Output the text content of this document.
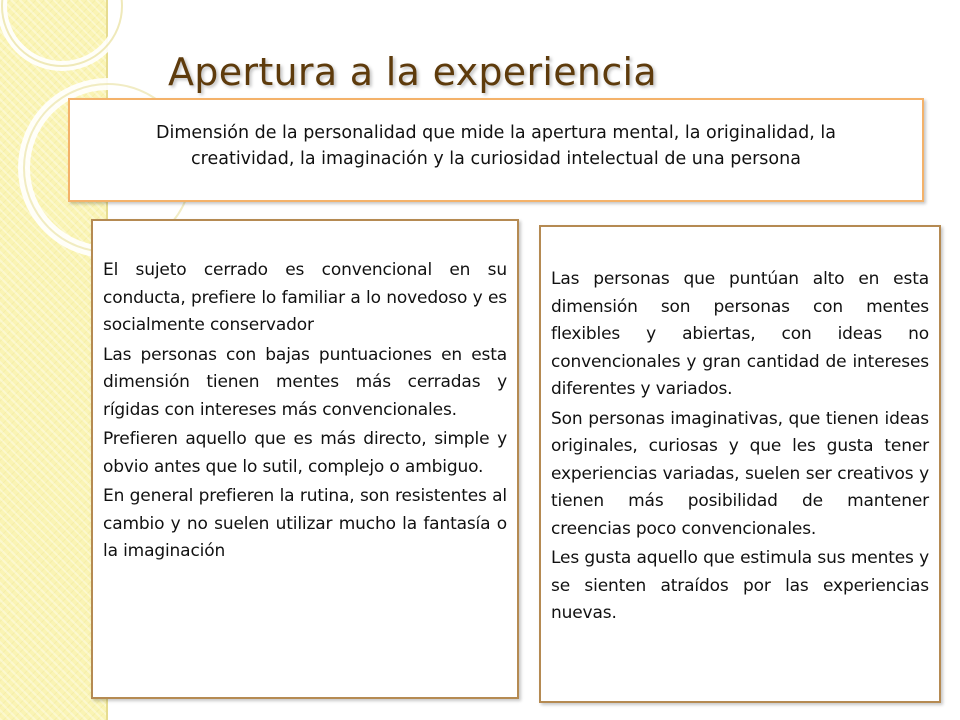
Apertura a la experiencia
Dimensión de la personalidad que mide la apertura mental, la originalidad, la creatividad, la imaginación y la curiosidad intelectual de una persona

El sujeto cerrado es convencional en su conducta, prefiere lo familiar a lo novedoso y es socialmente conservador

Las personas con bajas puntuaciones en esta dimensión tienen mentes más cerradas y rígidas con intereses más convencionales.

Prefieren aquello que es más directo, simple y obvio antes que lo sutil, complejo o ambiguo.

En general prefieren la rutina, son resistentes al cambio y no suelen utilizar mucho la fantasía o la imaginación

Las personas que puntúan alto en esta dimensión son personas con mentes flexibles y abiertas, con ideas no convencionales y gran cantidad de intereses diferentes y variados.

Son personas imaginativas, que tienen ideas originales, curiosas y que les gusta tener experiencias variadas, suelen ser creativos y tienen más posibilidad de mantener creencias poco convencionales.

Les gusta aquello que estimula sus mentes y se sienten atraídos por las experiencias nuevas.
